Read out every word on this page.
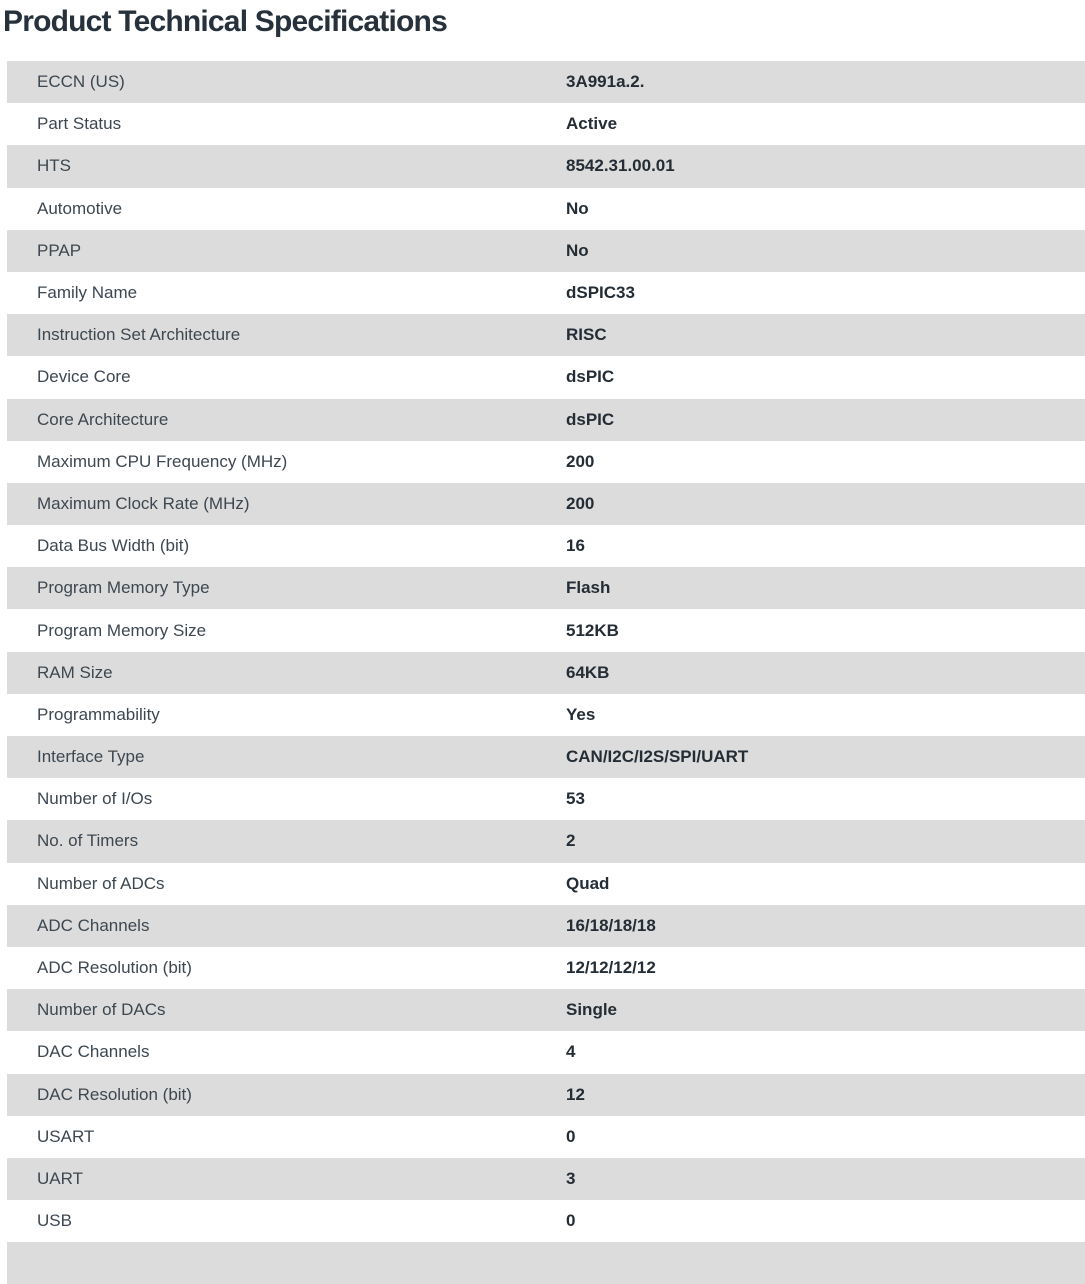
Product Technical Specifications
ECCN (US)	3A991a.2.
Part Status	Active
HTS	8542.31.00.01
Automotive	No
PPAP	No
Family Name	dSPIC33
Instruction Set Architecture	RISC
Device Core	dsPIC
Core Architecture	dsPIC
Maximum CPU Frequency (MHz)	200
Maximum Clock Rate (MHz)	200
Data Bus Width (bit)	16
Program Memory Type	Flash
Program Memory Size	512KB
RAM Size	64KB
Programmability	Yes
Interface Type	CAN/I2C/I2S/SPI/UART
Number of I/Os	53
No. of Timers	2
Number of ADCs	Quad
ADC Channels	16/18/18/18
ADC Resolution (bit)	12/12/12/12
Number of DACs	Single
DAC Channels	4
DAC Resolution (bit)	12
USART	0
UART	3
USB	0
